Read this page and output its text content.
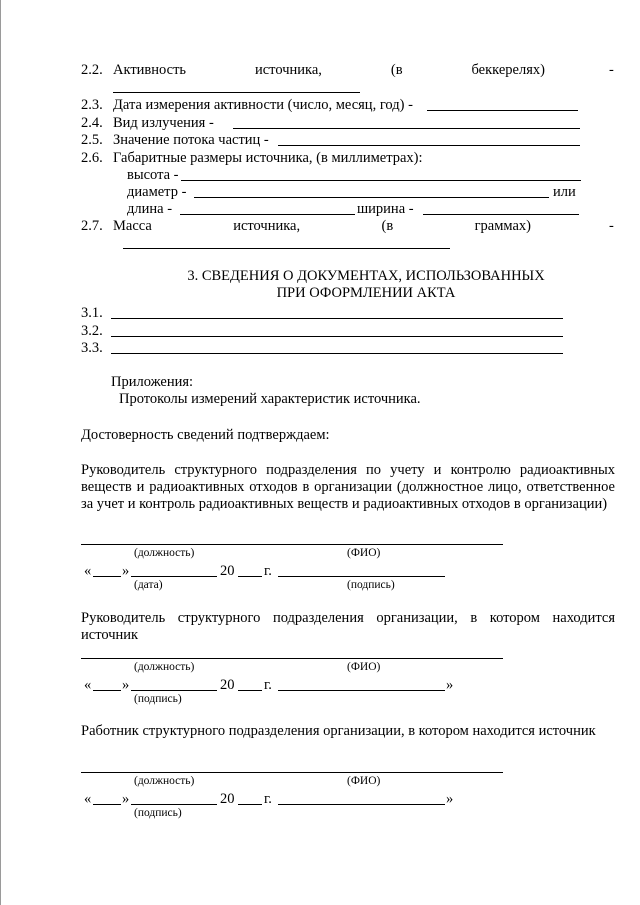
2.2. Активность	источника,	(в	беккерелях)	-
2.3. Дата измерения активности (число, месяц, год) -
2.4. Вид излучения -
2.5. Значение потока частиц -
2.6. Габаритные размеры источника, (в миллиметрах):
высота -
диаметр -	или
длина -	ширина -
2.7. Масса	источника,	(в	граммах)	-
3. СВЕДЕНИЯ О ДОКУМЕНТАХ, ИСПОЛЬЗОВАННЫХ
ПРИ ОФОРМЛЕНИИ АКТА
3.1.
3.2.
3.3.
Приложения:
Протоколы измерений характеристик источника.
Достоверность сведений подтверждаем:
Руководитель структурного подразделения по учету и контролю радиоактивных веществ и радиоактивных отходов в организации (должностное лицо, ответственное за учет и контроль радиоактивных веществ и радиоактивных отходов в организации)
(должность)	(ФИО)
« »	20 г.
(дата)	(подпись)
Руководитель структурного подразделения организации, в котором находится источник
(должность)	(ФИО)
« »	20 г.	»
(подпись)
Работник структурного подразделения организации, в котором находится источник
(должность)	(ФИО)
« »	20 г.	»
(подпись)
